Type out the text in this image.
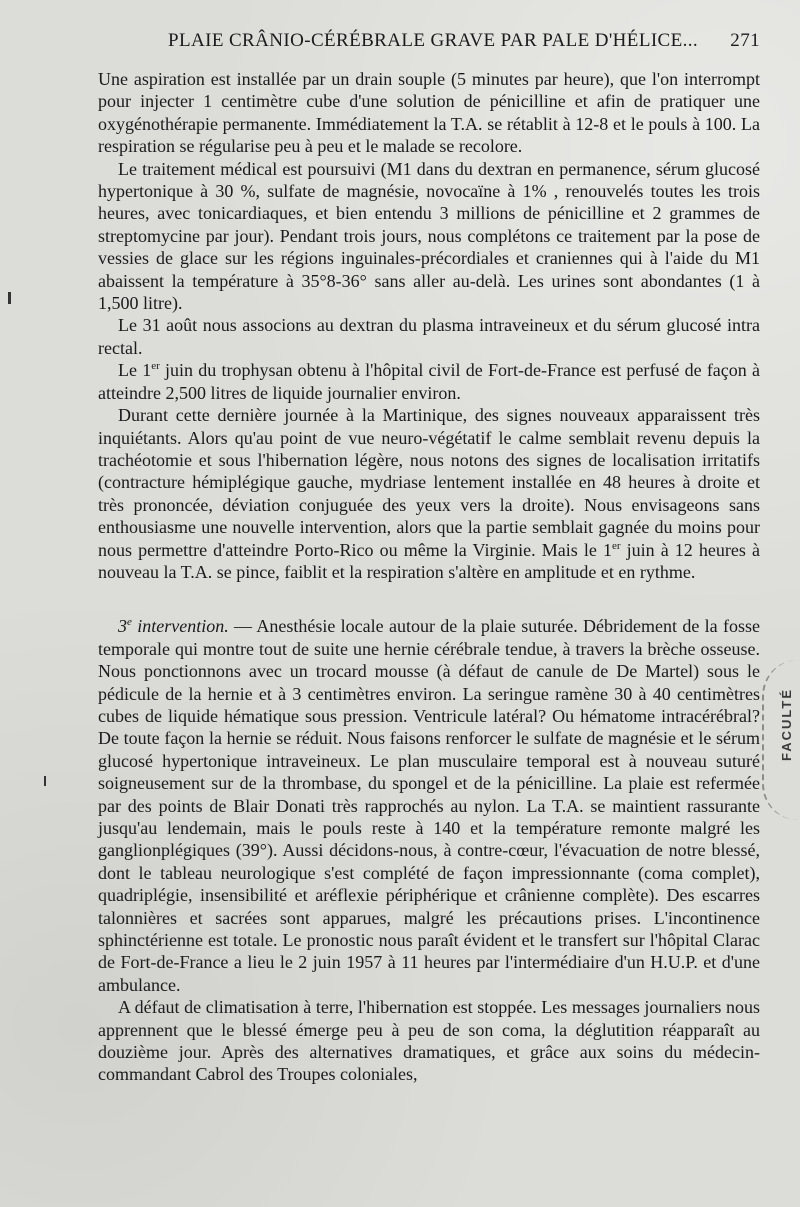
PLAIE CRÂNIO-CÉRÉBRALE GRAVE PAR PALE D'HÉLICE... 271

Une aspiration est installée par un drain souple (5 minutes par heure), que l'on interrompt pour injecter 1 centimètre cube d'une solution de pénicilline et afin de pratiquer une oxygénothérapie permanente. Immédiatement la T.A. se rétablit à 12-8 et le pouls à 100. La respiration se régularise peu à peu et le malade se recolore.

Le traitement médical est poursuivi (M1 dans du dextran en permanence, sérum glucosé hypertonique à 30 %, sulfate de magnésie, novocaïne à 1% , renouvelés toutes les trois heures, avec tonicardiaques, et bien entendu 3 millions de pénicilline et 2 grammes de streptomycine par jour). Pendant trois jours, nous complétons ce traitement par la pose de vessies de glace sur les régions inguinales-précordiales et craniennes qui à l'aide du M1 abaissent la température à 35°8-36° sans aller au-delà. Les urines sont abondantes (1 à 1,500 litre).

Le 31 août nous associons au dextran du plasma intraveineux et du sérum glucosé intra rectal.

Le 1er juin du trophysan obtenu à l'hôpital civil de Fort-de-France est perfusé de façon à atteindre 2,500 litres de liquide journalier environ.

Durant cette dernière journée à la Martinique, des signes nouveaux apparaissent très inquiétants. Alors qu'au point de vue neuro-végétatif le calme semblait revenu depuis la trachéotomie et sous l'hibernation légère, nous notons des signes de localisation irritatifs (contracture hémiplégique gauche, mydriase lentement installée en 48 heures à droite et très prononcée, déviation conjuguée des yeux vers la droite). Nous envisageons sans enthousiasme une nouvelle intervention, alors que la partie semblait gagnée du moins pour nous permettre d'atteindre Porto-Rico ou même la Virginie. Mais le 1er juin à 12 heures à nouveau la T.A. se pince, faiblit et la respiration s'altère en amplitude et en rythme.

3e intervention. — Anesthésie locale autour de la plaie suturée. Débridement de la fosse temporale qui montre tout de suite une hernie cérébrale tendue, à travers la brèche osseuse. Nous ponctionnons avec un trocard mousse (à défaut de canule de De Martel) sous le pédicule de la hernie et à 3 centimètres environ. La seringue ramène 30 à 40 centimètres cubes de liquide hématique sous pression. Ventricule latéral? Ou hématome intracérébral? De toute façon la hernie se réduit. Nous faisons renforcer le sulfate de magnésie et le sérum glucosé hypertonique intraveineux. Le plan musculaire temporal est à nouveau suturé soigneusement sur de la thrombase, du spongel et de la pénicilline. La plaie est refermée par des points de Blair Donati très rapprochés au nylon. La T.A. se maintient rassurante jusqu'au lendemain, mais le pouls reste à 140 et la température remonte malgré les ganglionplégiques (39°). Aussi décidons-nous, à contre-cœur, l'évacuation de notre blessé, dont le tableau neurologique s'est complété de façon impressionnante (coma complet), quadriplégie, insensibilité et aréflexie périphérique et crânienne complète). Des escarres talonnières et sacrées sont apparues, malgré les précautions prises. L'incontinence sphinctérienne est totale. Le pronostic nous paraît évident et le transfert sur l'hôpital Clarac de Fort-de-France a lieu le 2 juin 1957 à 11 heures par l'intermédiaire d'un H.U.P. et d'une ambulance.

A défaut de climatisation à terre, l'hibernation est stoppée. Les messages journaliers nous apprennent que le blessé émerge peu à peu de son coma, la déglutition réapparaît au douzième jour. Après des alternatives dramatiques, et grâce aux soins du médecin-commandant Cabrol des Troupes coloniales,

FACULTÉ
